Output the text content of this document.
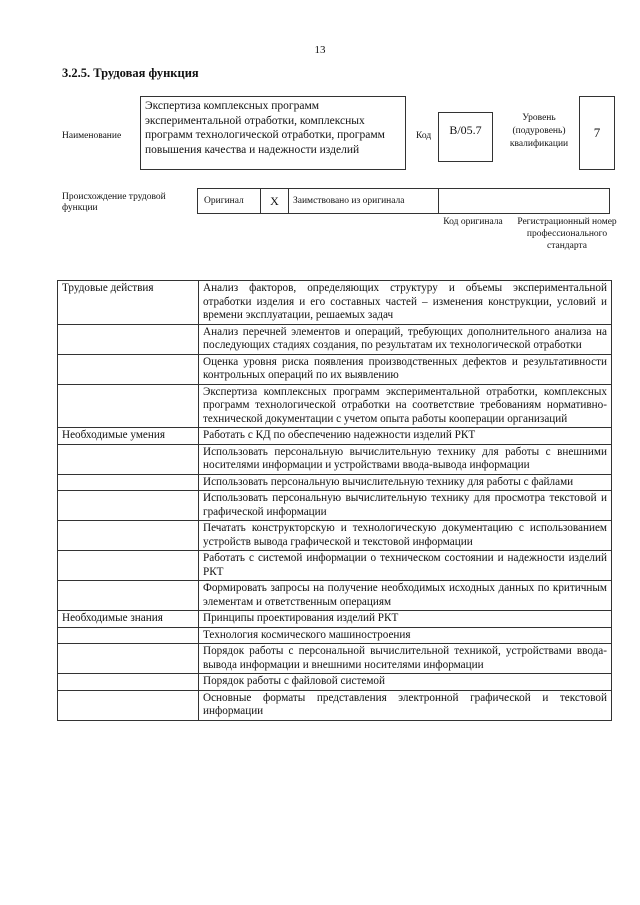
13
3.2.5. Трудовая функция
Наименование
Экспертиза комплексных программ экспериментальной отработки, комплексных программ технологической отработки, программ повышения качества и надежности изделий
Код	B/05.7
Уровень (подуровень) квалификации
7
Происхождение трудовой функции
Оригинал	X	Заимствовано из оригинала
Код оригинала	Регистрационный номер профессионального стандарта
Трудовые действия	Анализ факторов, определяющих структуру и объемы экспериментальной отработки изделия и его составных частей – изменения конструкции, условий и времени эксплуатации, решаемых задач
	Анализ перечней элементов и операций, требующих дополнительного анализа на последующих стадиях создания, по результатам их технологической отработки
	Оценка уровня риска появления производственных дефектов и результативности контрольных операций по их выявлению
	Экспертиза комплексных программ экспериментальной отработки, комплексных программ технологической отработки на соответствие требованиям нормативно-технической документации с учетом опыта работы кооперации организаций
Необходимые умения	Работать с КД по обеспечению надежности изделий РКТ
	Использовать персональную вычислительную технику для работы с внешними носителями информации и устройствами ввода-вывода информации
	Использовать персональную вычислительную технику для работы с файлами
	Использовать персональную вычислительную технику для просмотра текстовой и графической информации
	Печатать конструкторскую и технологическую документацию с использованием устройств вывода графической и текстовой информации
	Работать с системой информации о техническом состоянии и надежности изделий РКТ
	Формировать запросы на получение необходимых исходных данных по критичным элементам и ответственным операциям
Необходимые знания	Принципы проектирования изделий РКТ
	Технология космического машиностроения
	Порядок работы с персональной вычислительной техникой, устройствами ввода-вывода информации и внешними носителями информации
	Порядок работы с файловой системой
	Основные форматы представления электронной графической и текстовой информации
